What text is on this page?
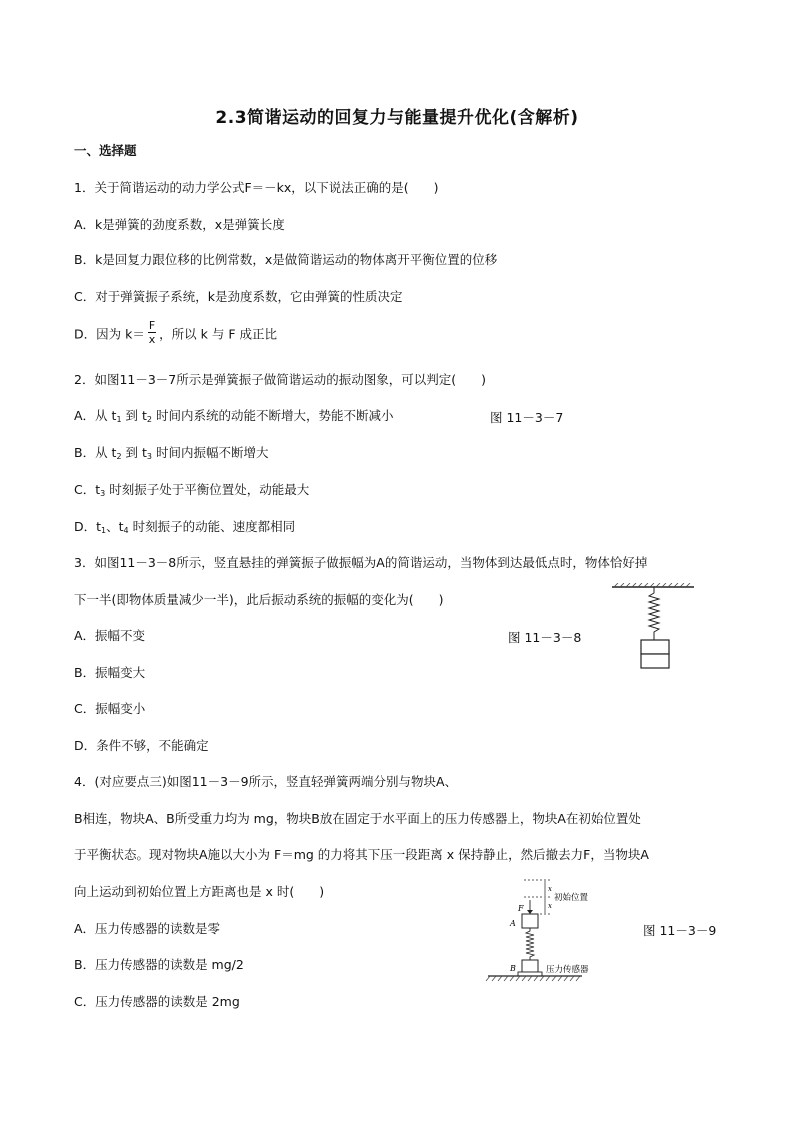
2.3简谐运动的回复力与能量提升优化(含解析)
一、选择题
1．关于简谐运动的动力学公式F＝－kx，以下说法正确的是(　　)
A．k是弹簧的劲度系数，x是弹簧长度
B．k是回复力跟位移的比例常数，x是做简谐运动的物体离开平衡位置的位移
C．对于弹簧振子系统，k是劲度系数，它由弹簧的性质决定
D．因为 $k= \frac{F}{x}$ ，所以 k 与 F 成正比
2．如图11－3－7所示是弹簧振子做简谐运动的振动图象，可以判定(　　)
A．从 $t_1$ 到 $t_2$ 时间内系统的动能不断增大，势能不断减小	图 11－3－7
B．从 $t_2$ 到 $t_3$ 时间内振幅不断增大
C．$t_3$ 时刻振子处于平衡位置处，动能最大
D．$t_1$、$t_4$ 时刻振子的动能、速度都相同
3．如图11－3－8所示，竖直悬挂的弹簧振子做振幅为A的简谐运动，当物体到达最低点时，物体恰好掉
下一半(即物体质量减少一半)，此后振动系统的振幅的变化为(　　)
A．振幅不变	图 11－3－8
B．振幅变大
C．振幅变小
D．条件不够，不能确定
4．(对应要点三)如图11－3－9所示，竖直轻弹簧两端分别与物块A、
B相连，物块A、B所受重力均为 mg，物块B放在固定于水平面上的压力传感器上，物块A在初始位置处
于平衡状态。现对物块A施以大小为 F＝mg 的力将其下压一段距离 x 保持静止，然后撤去力F，当物块A
向上运动到初始位置上方距离也是 x 时(　　)
A．压力传感器的读数是零	图 11－3－9
B．压力传感器的读数是 mg/2
C．压力传感器的读数是 2mg
x
x
初始位置
F
A
B	压力传感器
